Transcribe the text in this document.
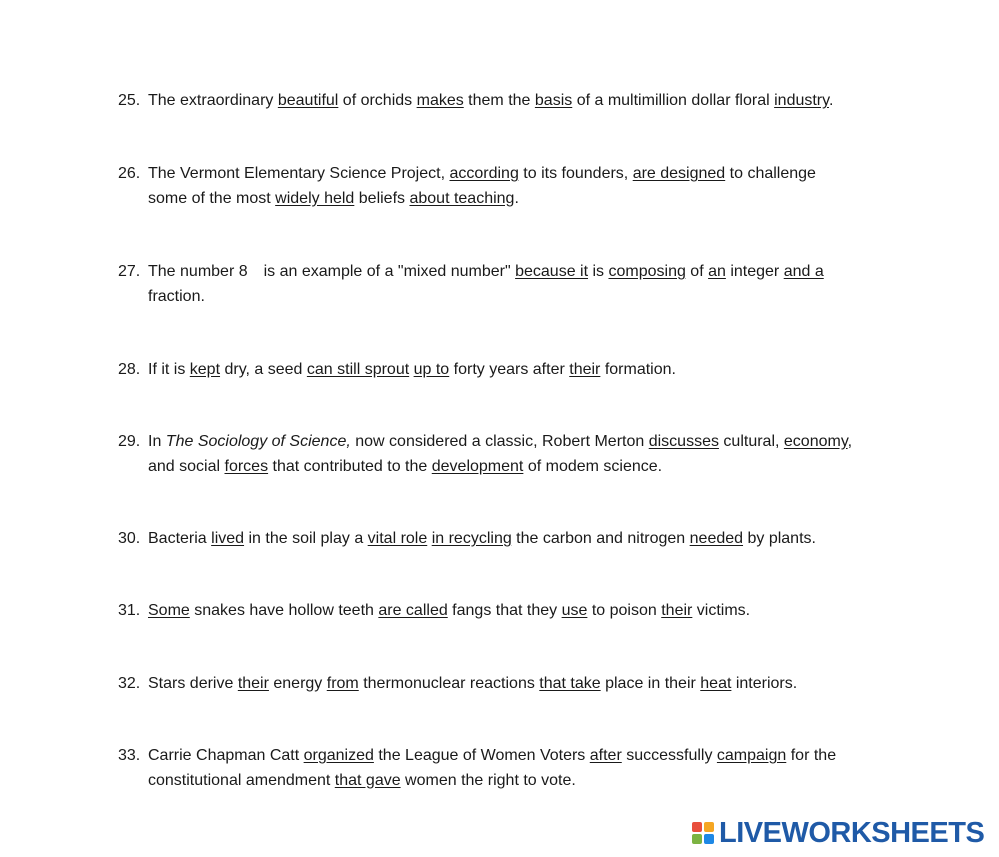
25. The extraordinary beautiful of orchids makes them the basis of a multimillion dollar floral industry.
26. The Vermont Elementary Science Project, according to its founders, are designed to challenge some of the most widely held beliefs about teaching.
27. The number 8 is an example of a "mixed number" because it is composing of an integer and a fraction.
28. If it is kept dry, a seed can still sprout up to forty years after their formation.
29. In The Sociology of Science, now considered a classic, Robert Merton discusses cultural, economy, and social forces that contributed to the development of modem science.
30. Bacteria lived in the soil play a vital role in recycling the carbon and nitrogen needed by plants.
31. Some snakes have hollow teeth are called fangs that they use to poison their victims.
32. Stars derive their energy from thermonuclear reactions that take place in their heat interiors.
33. Carrie Chapman Catt organized the League of Women Voters after successfully campaign for the constitutional amendment that gave women the right to vote.
LIVEWORKSHEETS
